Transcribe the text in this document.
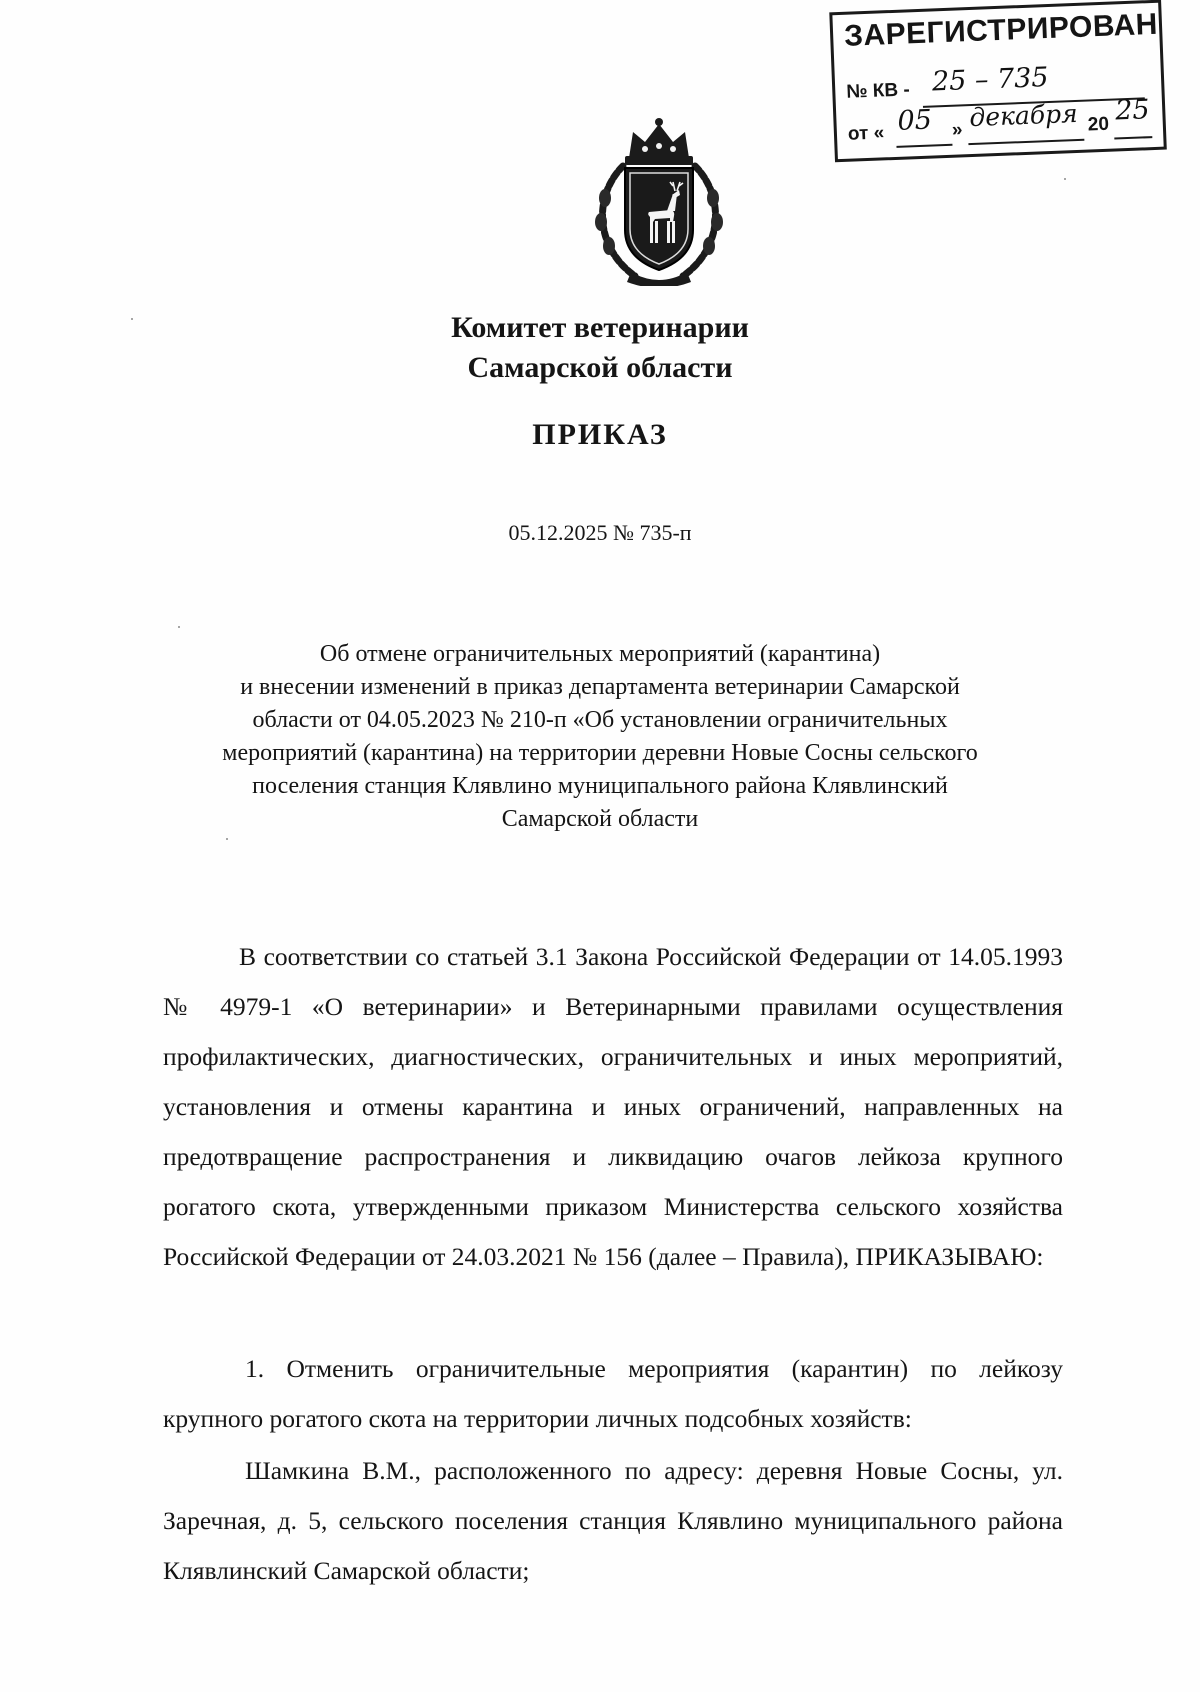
ЗАРЕГИСТРИРОВАН
№ КВ - 25 – 735
от « 05 » декабря 20 25
Комитет ветеринарии
Самарской области
ПРИКАЗ
05.12.2025 № 735-п
Об отмене ограничительных мероприятий (карантина)
и внесении изменений в приказ департамента ветеринарии Самарской
области от 04.05.2023 № 210-п «Об установлении ограничительных
мероприятий (карантина) на территории деревни Новые Сосны сельского
поселения станция Клявлино муниципального района Клявлинский
Самарской области
В соответствии со статьей 3.1 Закона Российской Федерации от 14.05.1993 № 4979-1 «О ветеринарии» и Ветеринарными правилами осуществления профилактических, диагностических, ограничительных и иных мероприятий, установления и отмены карантина и иных ограничений, направленных на предотвращение распространения и ликвидацию очагов лейкоза крупного рогатого скота, утвержденными приказом Министерства сельского хозяйства Российской Федерации от 24.03.2021 № 156 (далее – Правила), ПРИКАЗЫВАЮ:
1. Отменить ограничительные мероприятия (карантин) по лейкозу крупного рогатого скота на территории личных подсобных хозяйств:
Шамкина В.М., расположенного по адресу: деревня Новые Сосны, ул. Заречная, д. 5, сельского поселения станция Клявлино муниципального района Клявлинский Самарской области;
